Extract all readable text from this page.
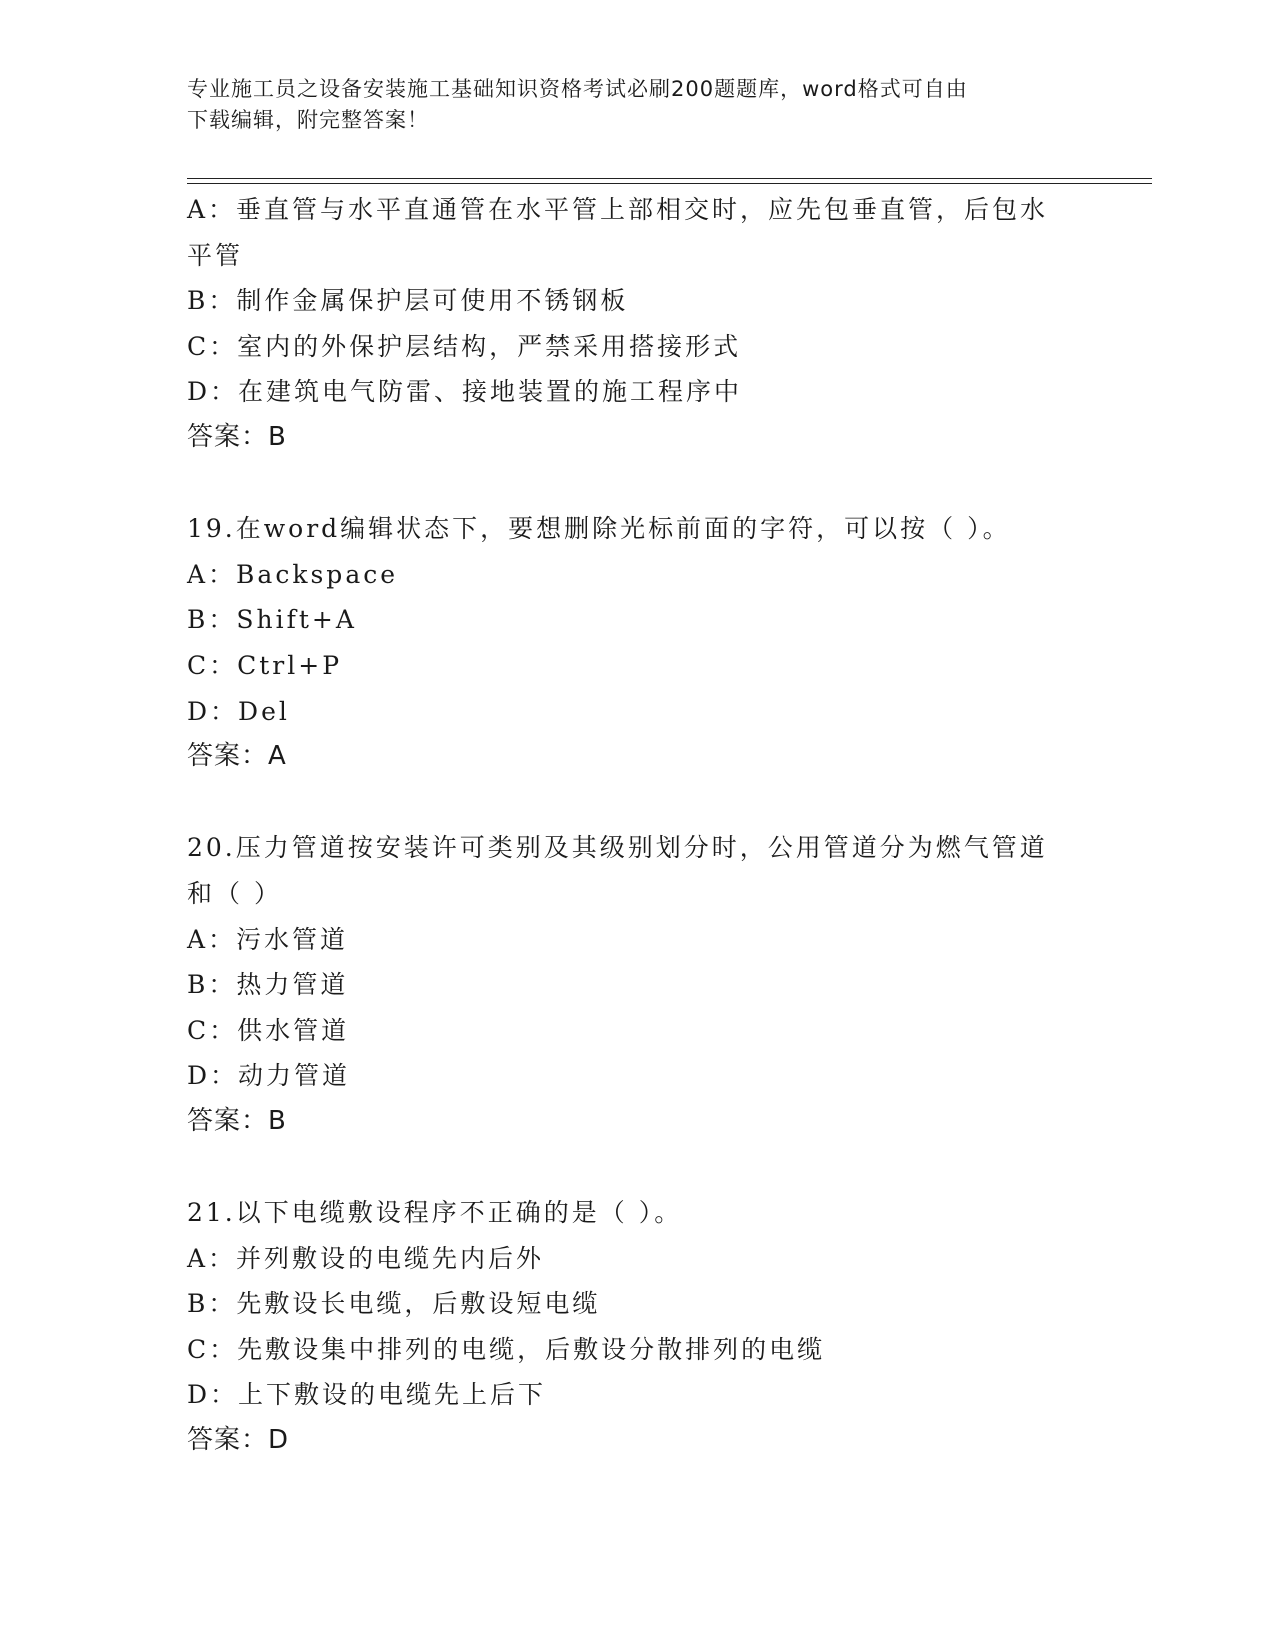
专业施工员之设备安装施工基础知识资格考试必刷200题题库，word格式可自由
下载编辑，附完整答案！
A：垂直管与水平直通管在水平管上部相交时，应先包垂直管，后包水
平管
B：制作金属保护层可使用不锈钢板
C：室内的外保护层结构，严禁采用搭接形式
D：在建筑电气防雷、接地装置的施工程序中
答案：B
19.在word编辑状态下，要想删除光标前面的字符，可以按（ ）。
A：Backspace
B：Shift+A
C：Ctrl+P
D：Del
答案：A
20.压力管道按安装许可类别及其级别划分时，公用管道分为燃气管道
和（ ）
A：污水管道
B：热力管道
C：供水管道
D：动力管道
答案：B
21.以下电缆敷设程序不正确的是（ ）。
A：并列敷设的电缆先内后外
B：先敷设长电缆，后敷设短电缆
C：先敷设集中排列的电缆，后敷设分散排列的电缆
D：上下敷设的电缆先上后下
答案：D
